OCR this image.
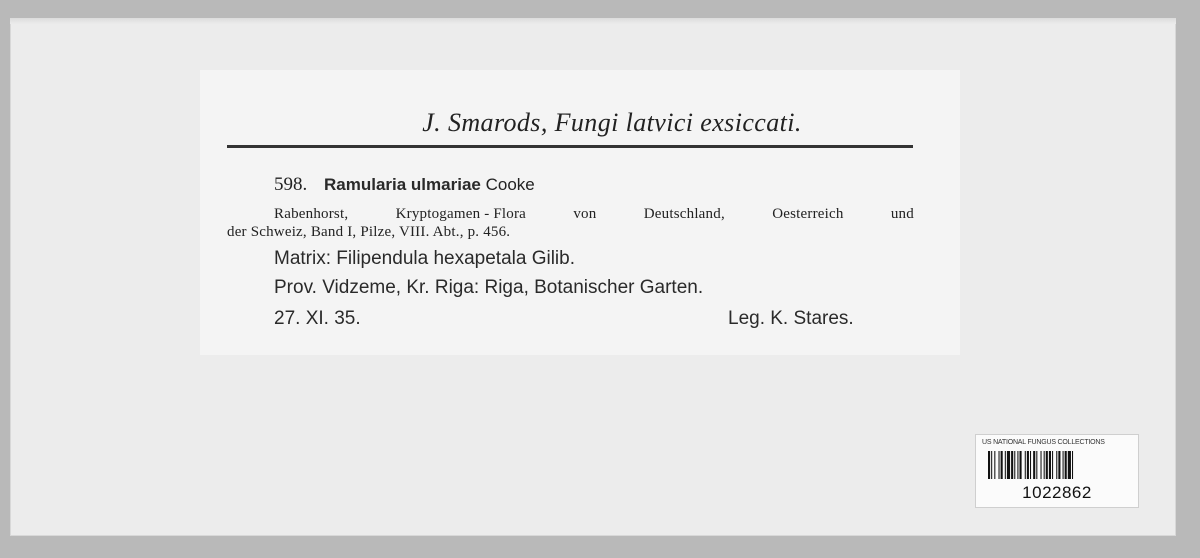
J. Smarods, Fungi latvici exsiccati.
598. Ramularia ulmariae Cooke
Rabenhorst,	Kryptogamen - Flora	von	Deutschland,	Oesterreich	und
der Schweiz, Band I, Pilze, VIII. Abt., p. 456.
Matrix: Filipendula hexapetala Gilib.
Prov. Vidzeme, Kr. Riga: Riga, Botanischer Garten.
27. XI. 35.	Leg. K. Stares.
US NATIONAL FUNGUS COLLECTIONS
1022862
